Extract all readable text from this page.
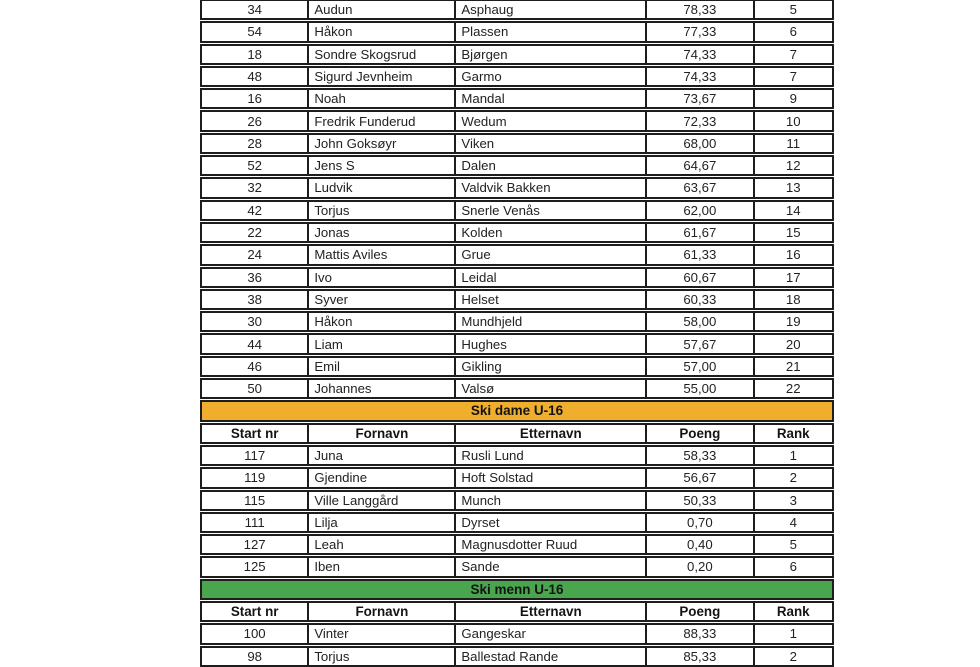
34	Audun	Asphaug	78,33	5
54	Håkon	Plassen	77,33	6
18	Sondre Skogsrud	Bjørgen	74,33	7
48	Sigurd Jevnheim	Garmo	74,33	7
16	Noah	Mandal	73,67	9
26	Fredrik Funderud	Wedum	72,33	10
28	John Goksøyr	Viken	68,00	11
52	Jens S	Dalen	64,67	12
32	Ludvik	Valdvik Bakken	63,67	13
42	Torjus	Snerle Venås	62,00	14
22	Jonas	Kolden	61,67	15
24	Mattis Aviles	Grue	61,33	16
36	Ivo	Leidal	60,67	17
38	Syver	Helset	60,33	18
30	Håkon	Mundhjeld	58,00	19
44	Liam	Hughes	57,67	20
46	Emil	Gikling	57,00	21
50	Johannes	Valsø	55,00	22
Ski dame U-16
Start nr	Fornavn	Etternavn	Poeng	Rank
117	Juna	Rusli Lund	58,33	1
119	Gjendine	Hoft Solstad	56,67	2
115	Ville Langgård	Munch	50,33	3
111	Lilja	Dyrset	0,70	4
127	Leah	Magnusdotter Ruud	0,40	5
125	Iben	Sande	0,20	6
Ski menn U-16
Start nr	Fornavn	Etternavn	Poeng	Rank
100	Vinter	Gangeskar	88,33	1
98	Torjus	Ballestad Rande	85,33	2
